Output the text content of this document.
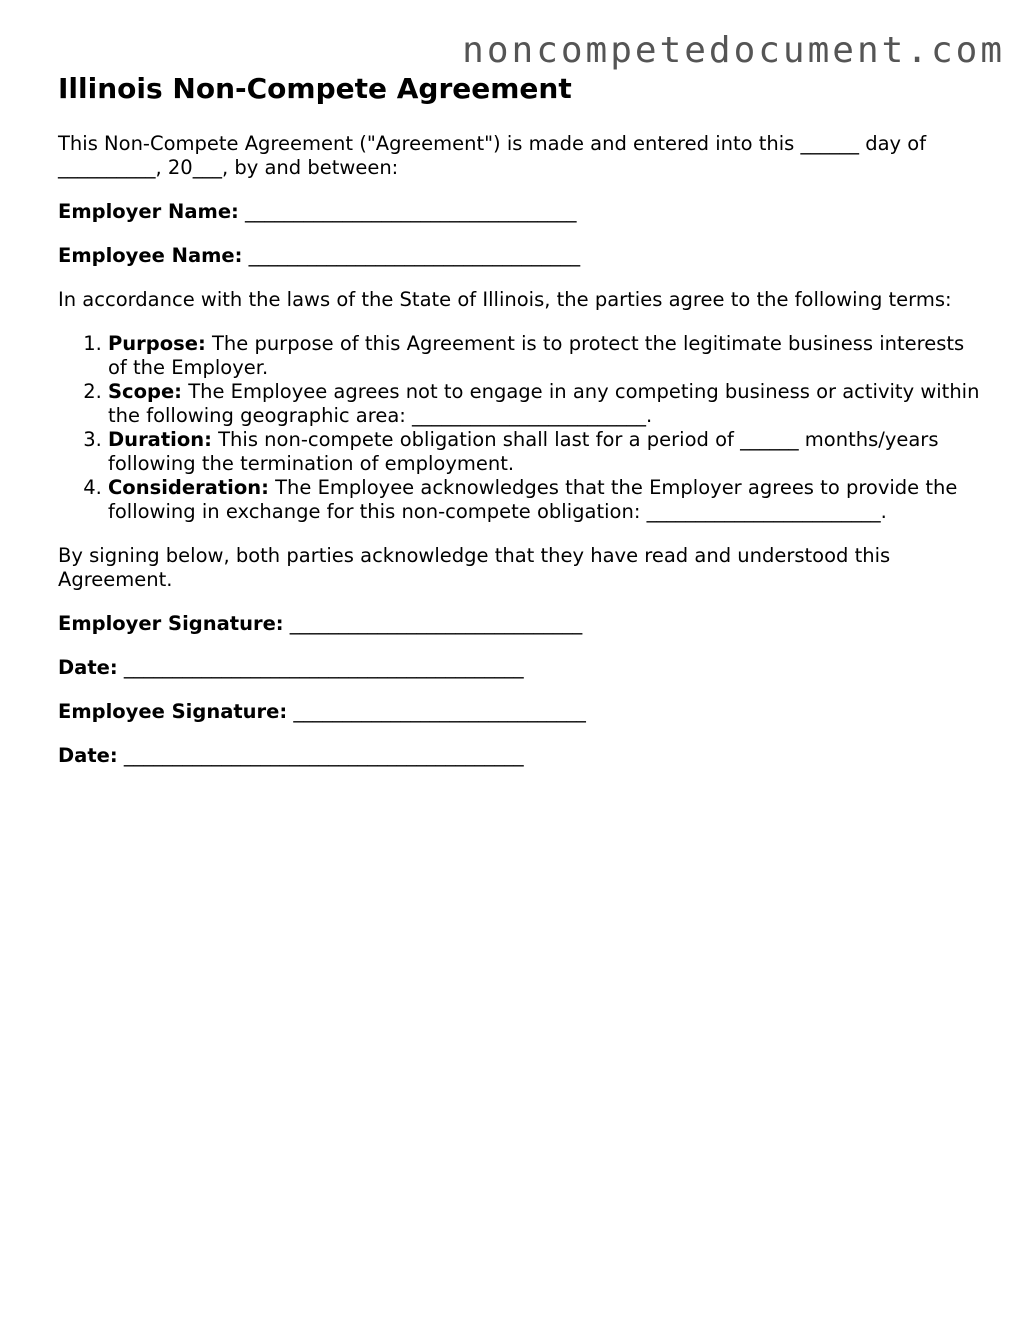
noncompetedocument.com
Illinois Non-Compete Agreement

This Non-Compete Agreement ("Agreement") is made and entered into this ______ day of __________, 20___, by and between:

Employer Name: __________________________________

Employee Name: __________________________________

In accordance with the laws of the State of Illinois, the parties agree to the following terms:

1. Purpose: The purpose of this Agreement is to protect the legitimate business interests of the Employer.
2. Scope: The Employee agrees not to engage in any competing business or activity within the following geographic area: ________________________.
3. Duration: This non-compete obligation shall last for a period of ______ months/years following the termination of employment.
4. Consideration: The Employee acknowledges that the Employer agrees to provide the following in exchange for this non-compete obligation: ________________________.

By signing below, both parties acknowledge that they have read and understood this Agreement.

Employer Signature: ______________________________

Date: _________________________________________

Employee Signature: ______________________________

Date: _________________________________________
